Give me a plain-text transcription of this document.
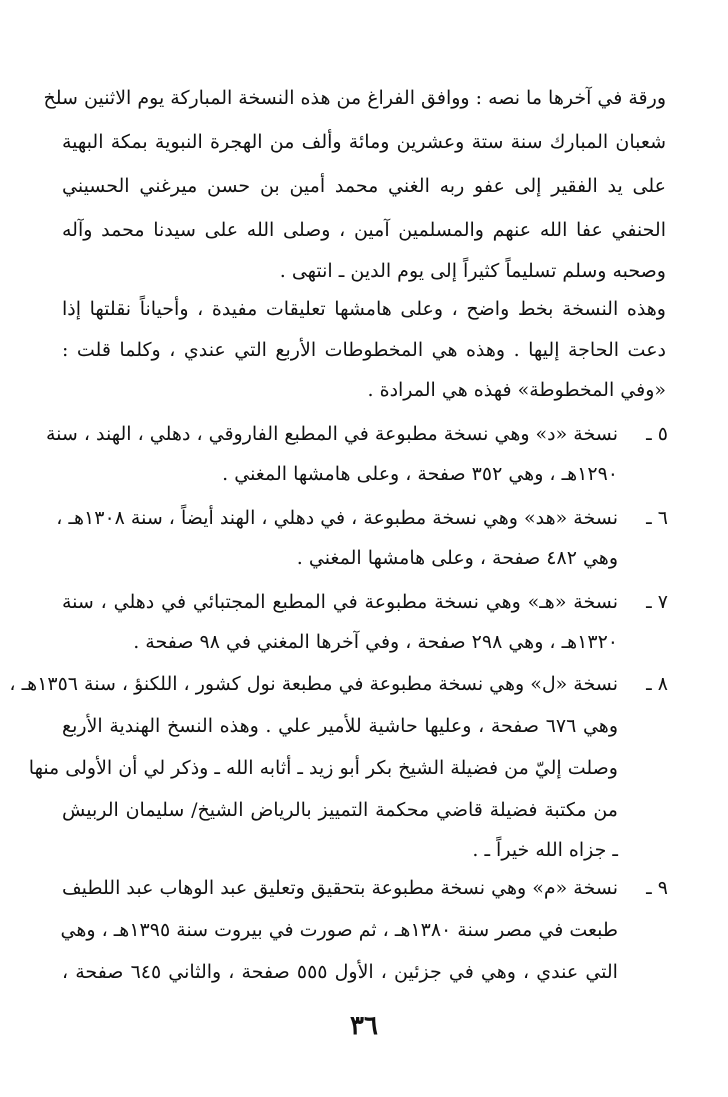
ورقة في آخرها ما نصه : ووافق الفراغ من هذه النسخة المباركة يوم الاثنين سلخ
شعبان المبارك سنة ستة وعشرين ومائة وألف من الهجرة النبوية بمكة البهية
على يد الفقير إلى عفو ربه الغني محمد أمين بن حسن ميرغني الحسيني
الحنفي عفا الله عنهم والمسلمين آمين ، وصلى الله على سيدنا محمد وآله
وصحبه وسلم تسليماً كثيراً إلى يوم الدين ـ انتهى .
وهذه النسخة بخط واضح ، وعلى هامشها تعليقات مفيدة ، وأحياناً نقلتها إذا
دعت الحاجة إليها . وهذه هي المخطوطات الأربع التي عندي ، وكلما قلت :
«وفي المخطوطة» فهذه هي المرادة .
٥ ـ
نسخة «د» وهي نسخة مطبوعة في المطبع الفاروقي ، دهلي ، الهند ، سنة
١٢٩٠هـ ، وهي ٣٥٢ صفحة ، وعلى هامشها المغني .
٦ ـ
نسخة «هد» وهي نسخة مطبوعة ، في دهلي ، الهند أيضاً ، سنة ١٣٠٨هـ ،
وهي ٤٨٢ صفحة ، وعلى هامشها المغني .
٧ ـ
نسخة «هـ» وهي نسخة مطبوعة في المطبع المجتبائي في دهلي ، سنة
١٣٢٠هـ ، وهي ٢٩٨ صفحة ، وفي آخرها المغني في ٩٨ صفحة .
٨ ـ
نسخة «ل» وهي نسخة مطبوعة في مطبعة نول كشور ، اللكنؤ ، سنة ١٣٥٦هـ ،
وهي ٦٧٦ صفحة ، وعليها حاشية للأمير علي . وهذه النسخ الهندية الأربع
وصلت إليّ من فضيلة الشيخ بكر أبو زيد ـ أثابه الله ـ وذكر لي أن الأولى منها
من مكتبة فضيلة قاضي محكمة التمييز بالرياض الشيخ/ سليمان الربيش
ـ جزاه الله خيراً ـ .
٩ ـ
نسخة «م» وهي نسخة مطبوعة بتحقيق وتعليق عبد الوهاب عبد اللطيف
طبعت في مصر سنة ١٣٨٠هـ ، ثم صورت في بيروت سنة ١٣٩٥هـ ، وهي
التي عندي ، وهي في جزئين ، الأول ٥٥٥ صفحة ، والثاني ٦٤٥ صفحة ،
٣٦
